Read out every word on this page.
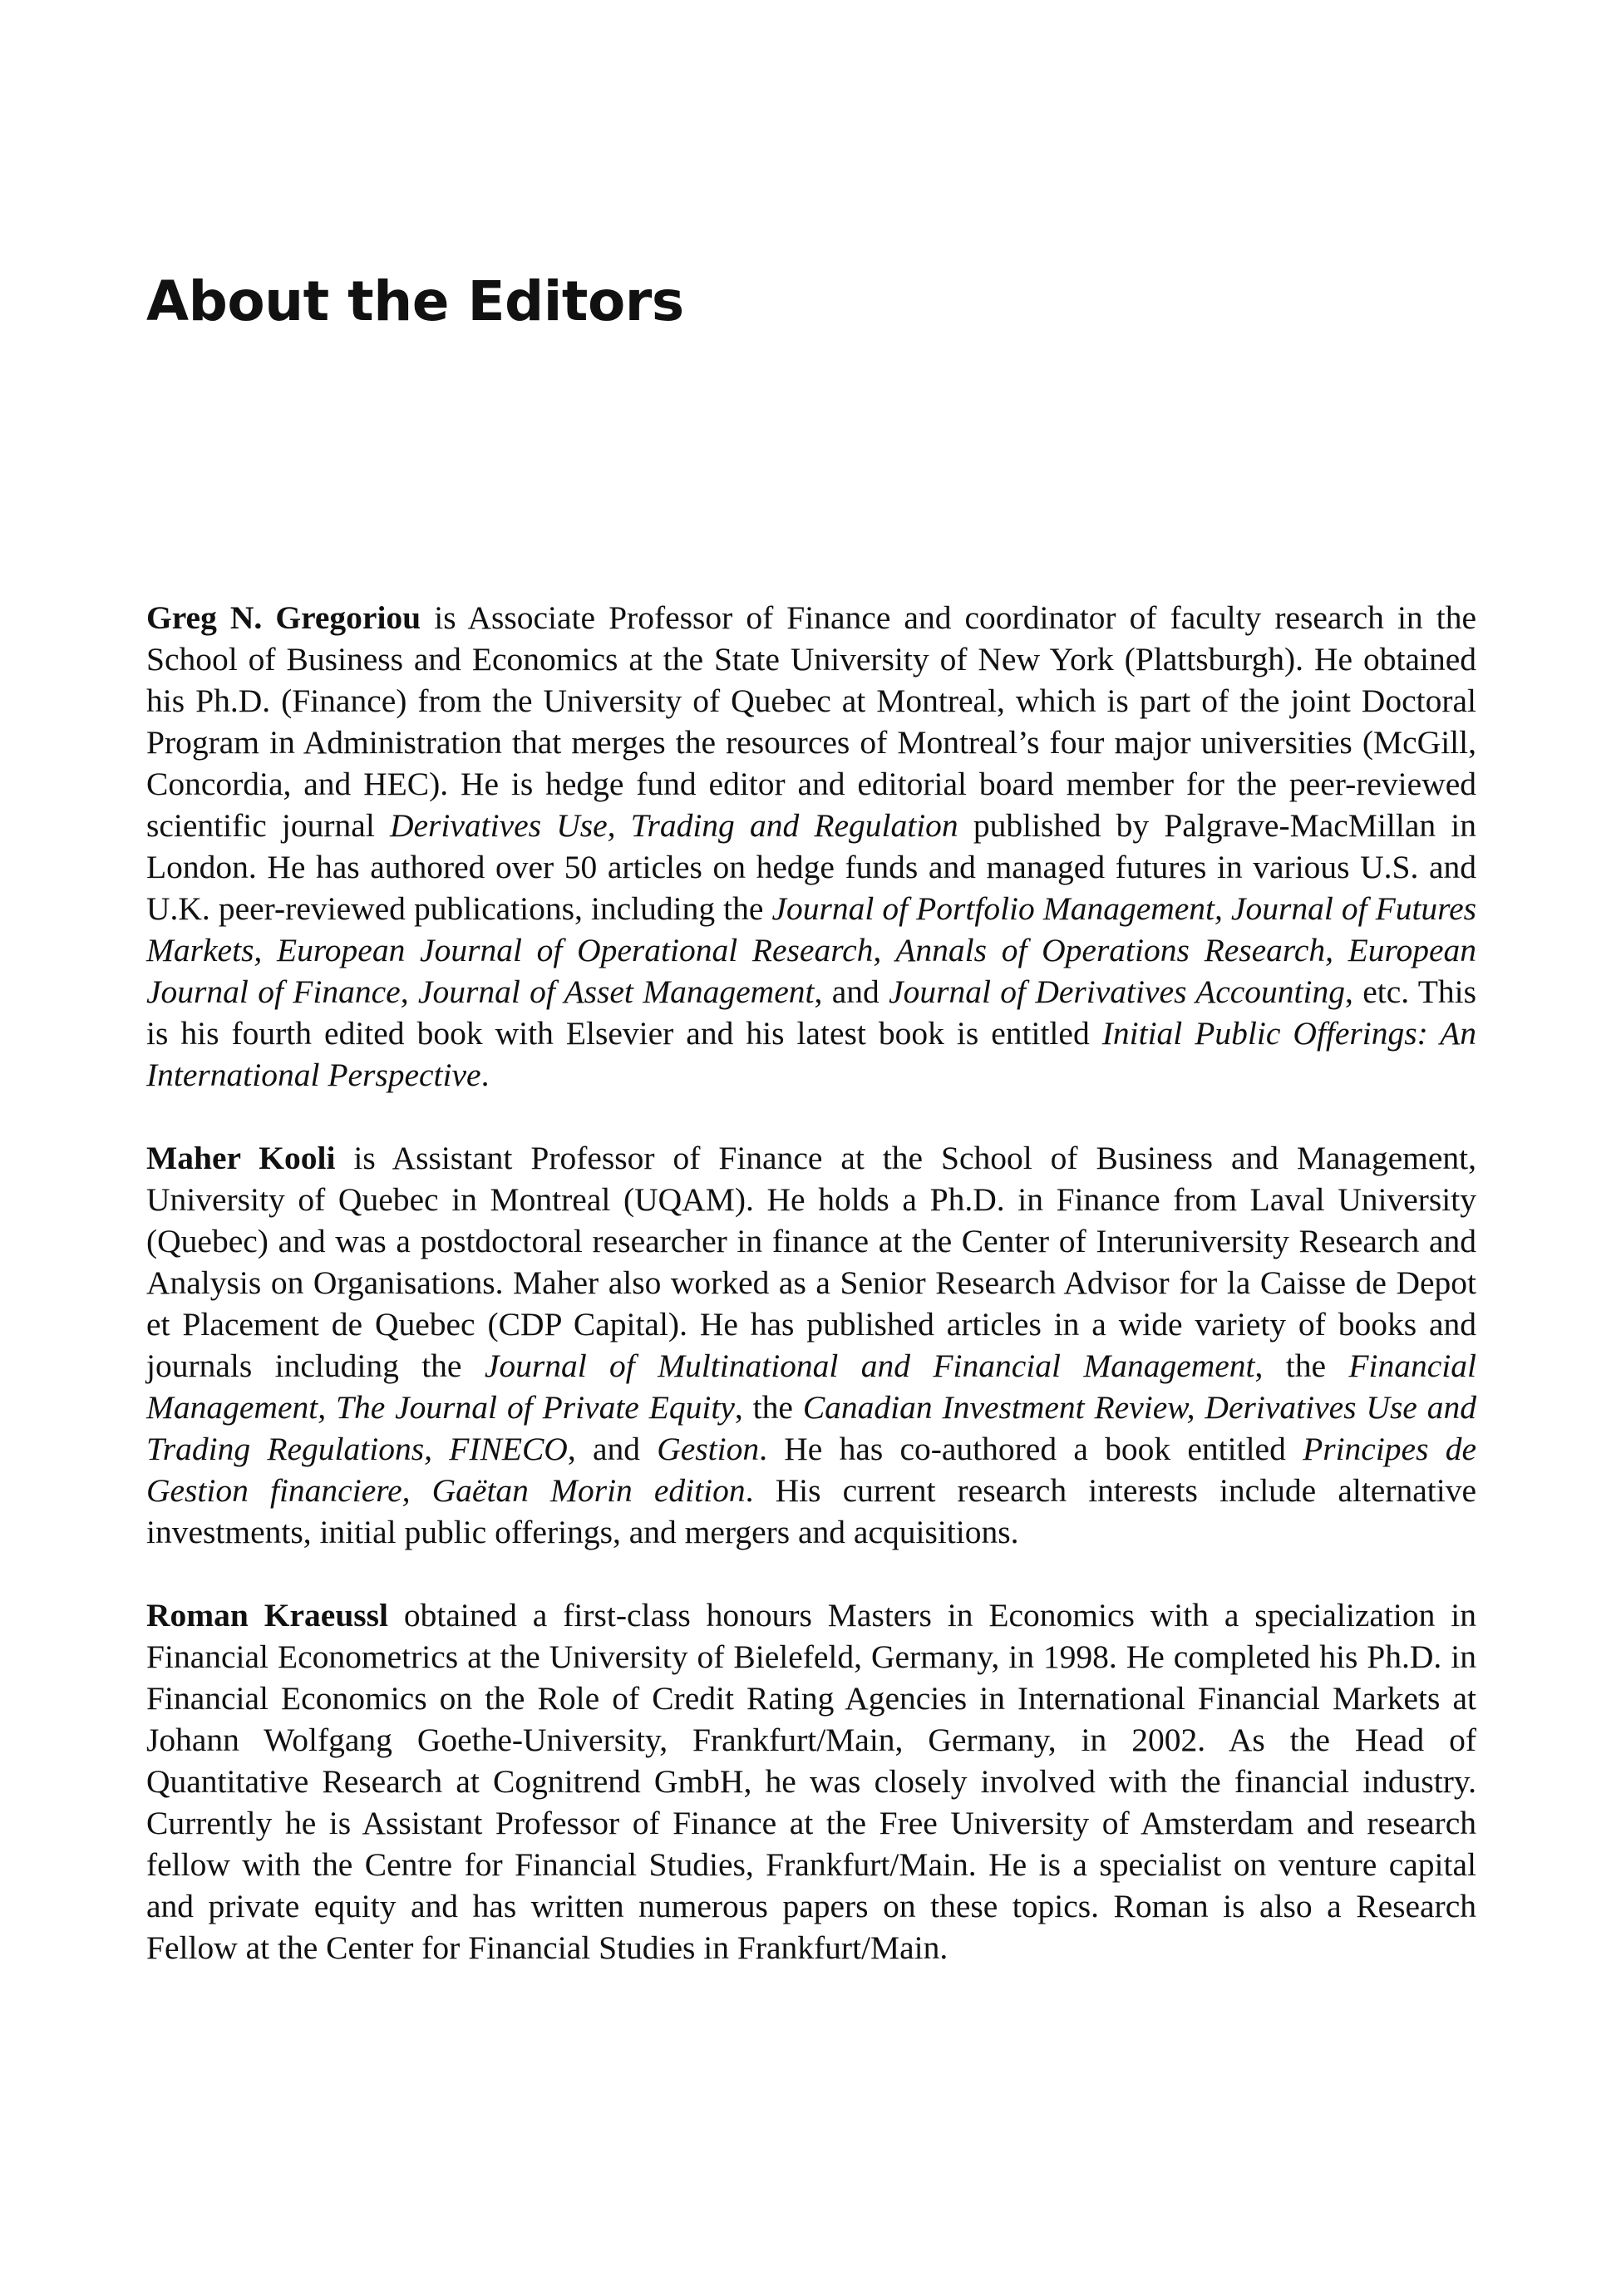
About the Editors

Greg N. Gregoriou is Associate Professor of Finance and coordinator of faculty research in the School of Business and Economics at the State University of New York (Plattsburgh). He obtained his Ph.D. (Finance) from the University of Quebec at Montreal, which is part of the joint Doctoral Program in Administration that merges the resources of Montreal’s four major universities (McGill, Concordia, and HEC). He is hedge fund editor and editorial board member for the peer-reviewed scientific journal Derivatives Use, Trading and Regulation published by Palgrave-MacMillan in London. He has authored over 50 articles on hedge funds and managed futures in various U.S. and U.K. peer-reviewed publications, including the Journal of Portfolio Management, Journal of Futures Markets, European Journal of Operational Research, Annals of Operations Research, European Journal of Finance, Journal of Asset Management, and Journal of Derivatives Accounting, etc. This is his fourth edited book with Elsevier and his latest book is entitled Initial Public Offerings: An International Perspective.

Maher Kooli is Assistant Professor of Finance at the School of Business and Management, University of Quebec in Montreal (UQAM). He holds a Ph.D. in Finance from Laval University (Quebec) and was a postdoctoral researcher in finance at the Center of Interuniversity Research and Analysis on Organisations. Maher also worked as a Senior Research Advisor for la Caisse de Depot et Placement de Quebec (CDP Capital). He has published articles in a wide variety of books and journals including the Journal of Multinational and Financial Management, the Financial Management, The Journal of Private Equity, the Canadian Investment Review, Derivatives Use and Trading Regulations, FINECO, and Gestion. He has co-authored a book entitled Principes de Gestion financiere, Gaëtan Morin edition. His current research interests include alternative investments, initial public offerings, and mergers and acquisitions.

Roman Kraeussl obtained a first-class honours Masters in Economics with a specialization in Financial Econometrics at the University of Bielefeld, Germany, in 1998. He completed his Ph.D. in Financial Economics on the Role of Credit Rating Agencies in International Financial Markets at Johann Wolfgang Goethe-University, Frankfurt/Main, Germany, in 2002. As the Head of Quantitative Research at Cognitrend GmbH, he was closely involved with the financial industry. Currently he is Assistant Professor of Finance at the Free University of Amsterdam and research fellow with the Centre for Financial Studies, Frankfurt/Main. He is a specialist on venture capital and private equity and has written numerous papers on these topics. Roman is also a Research Fellow at the Center for Financial Studies in Frankfurt/Main.
